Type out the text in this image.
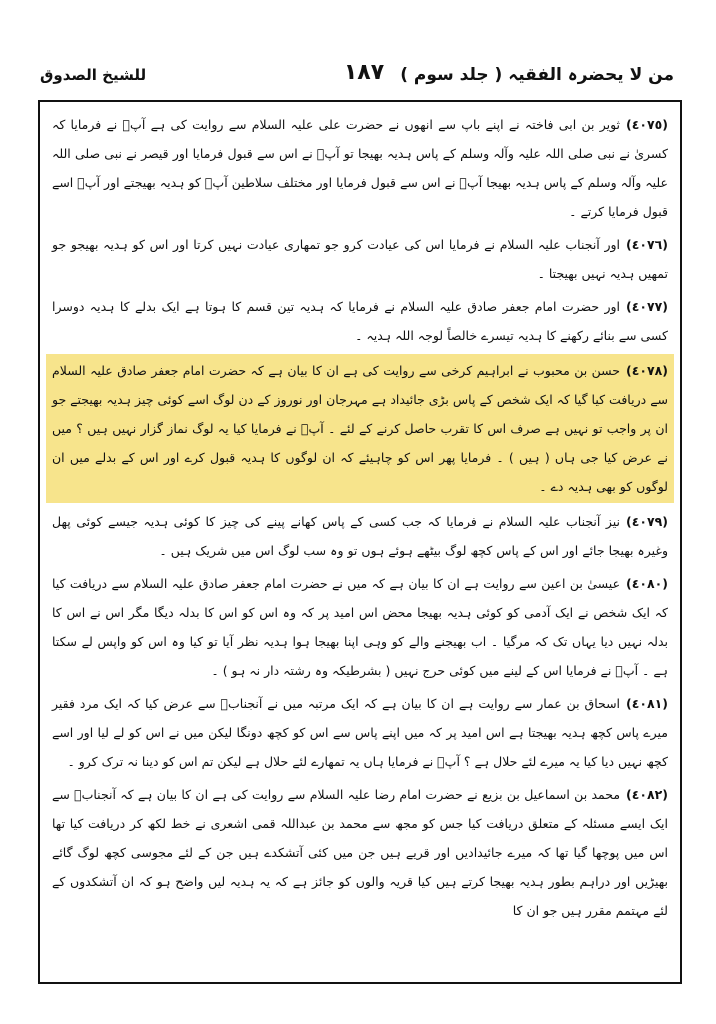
للشيخ الصدوق	١٨٧ من لا يحضرہ الفقيہ ( جلد سوم )

(٤٠٧٥)ثویر بن ابی فاختہ نے اپنے باپ سے انھوں نے حضرت علی علیہ السلام سے روایت کی ہے آپؑ نے فرمایا کہ کسریٰ نے نبی صلی اللہ علیہ وآلہ وسلم کے پاس ہدیہ بھیجا تو آپؑ نے اس سے قبول فرمایا اور قیصر نے نبی صلی اللہ علیہ وآلہ وسلم کے پاس ہدیہ بھیجا آپؑ نے اس سے قبول فرمایا اور مختلف سلاطین آپؑ کو ہدیہ بھیجتے اور آپؑ اسے قبول فرمایا کرتے ۔

(٤٠٧٦)اور آنجناب علیہ السلام نے فرمایا اس کی عیادت کرو جو تمھاری عیادت نہیں کرتا اور اس کو ہدیہ بھیجو جو تمھیں ہدیہ نہیں بھیجتا ۔

(٤٠٧٧)اور حضرت امام جعفر صادق علیہ السلام نے فرمایا کہ ہدیہ تین قسم کا ہوتا ہے ایک بدلے کا ہدیہ دوسرا کسی سے بنائے رکھنے کا ہدیہ تیسرے خالصاً لوجہ اللہ ہدیہ ۔

(٤٠٧٨)حسن بن محبوب نے ابراہیم کرخی سے روایت کی ہے ان کا بیان ہے کہ حضرت امام جعفر صادق علیہ السلام سے دریافت کیا گیا کہ ایک شخص کے پاس بڑی جائیداد ہے مہرجان اور نوروز کے دن لوگ اسے کوئی چیز ہدیہ بھیجتے جو ان پر واجب تو نہیں ہے صرف اس کا تقرب حاصل کرنے کے لئے ۔ آپؑ نے فرمایا کیا یہ لوگ نماز گزار نہیں ہیں ؟ میں نے عرض کیا جی ہاں ( ہیں ) ۔ فرمایا پھر اس کو چاہیئے کہ ان لوگوں کا ہدیہ قبول کرے اور اس کے بدلے میں ان لوگوں کو بھی ہدیہ دے ۔

(٤٠٧٩)نیز آنجناب علیہ السلام نے فرمایا کہ جب کسی کے پاس کھانے پینے کی چیز کا کوئی ہدیہ جیسے کوئی پھل وغیرہ بھیجا جائے اور اس کے پاس کچھ لوگ بیٹھے ہوئے ہوں تو وہ سب لوگ اس میں شریک ہیں ۔

(٤٠٨٠)عیسیٰ بن اعین سے روایت ہے ان کا بیان ہے کہ میں نے حضرت امام جعفر صادق علیہ السلام سے دریافت کیا کہ ایک شخص نے ایک آدمی کو کوئی ہدیہ بھیجا محض اس امید پر کہ وہ اس کو اس کا بدلہ دیگا مگر اس نے اس کا بدلہ نہیں دیا یہاں تک کہ مرگیا ۔ اب بھیجنے والے کو وہی اپنا بھیجا ہوا ہدیہ نظر آیا تو کیا وہ اس کو واپس لے سکتا ہے ۔ آپؑ نے فرمایا اس کے لینے میں کوئی حرج نہیں ( بشرطیکہ وہ رشتہ دار نہ ہو ) ۔

(٤٠٨١)اسحاق بن عمار سے روایت ہے ان کا بیان ہے کہ ایک مرتبہ میں نے آنجنابؑ سے عرض کیا کہ ایک مرد فقیر میرے پاس کچھ ہدیہ بھیجتا ہے اس امید پر کہ میں اپنے پاس سے اس کو کچھ دونگا لیکن میں نے اس کو لے لیا اور اسے کچھ نہیں دیا کیا یہ میرے لئے حلال ہے ؟ آپؑ نے فرمایا ہاں یہ تمھارے لئے حلال ہے لیکن تم اس کو دینا نہ ترک کرو ۔

(٤٠٨٢)محمد بن اسماعیل بن بزیع نے حضرت امام رضا علیہ السلام سے روایت کی ہے ان کا بیان ہے کہ آنجنابؑ سے ایک ایسے مسئلہ کے متعلق دریافت کیا جس کو مجھ سے محمد بن عبداللہ قمی اشعری نے خط لکھ کر دریافت کیا تھا اس میں پوچھا گیا تھا کہ میرے جائیدادیں اور قریے ہیں جن میں کئی آتشکدے ہیں جن کے لئے مجوسی کچھ لوگ گائے بھیڑیں اور دراہم بطور ہدیہ بھیجا کرتے ہیں کیا قریہ والوں کو جائز ہے کہ یہ ہدیہ لیں واضح ہو کہ ان آتشکدوں کے لئے مہتمم مقرر ہیں جو ان کا
